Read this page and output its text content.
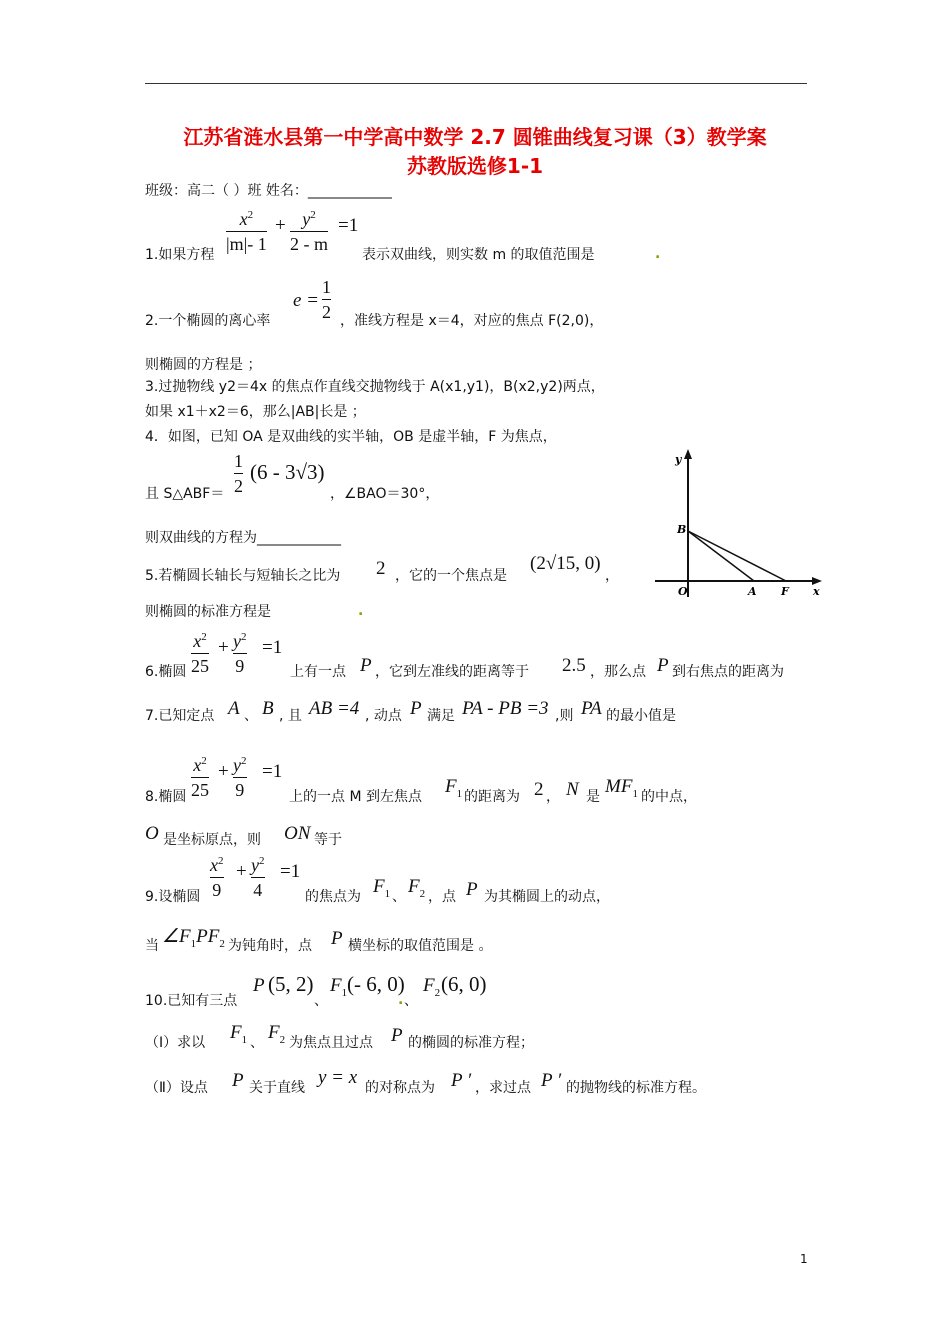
江苏省涟水县第一中学高中数学 2.7 圆锥曲线复习课（3）教学案
苏教版选修1-1
班级：高二（ ）班 姓名：____________
1.如果方程
$x^2$
|m|- 1
+ $y^2$
2 - m
=1
表示双曲线，则实数 m 的取值范围是	.
2.一个椭圆的离心率
e =
1
2 ，准线方程是 x＝4，对应的焦点 F(2,0)，
则椭圆的方程是 ；
3.过抛物线 y2＝4x 的焦点作直线交抛物线于 A(x1,y1)，B(x2,y2)两点，
如果 x1＋x2＝6，那么|AB|长是 ；
4．如图，已知 OA 是双曲线的实半轴，OB 是虚半轴，F 为焦点，
且 S△ABF＝
1
2
(6 - 3√3)
，∠BAO＝30°，
则双曲线的方程为____________
y
x
O	A
B
F
5.若椭圆长轴长与短轴长之比为 2 ，它的一个焦点是
(2√15, 0)
，
则椭圆的标准方程是	.
6.椭圆
$x^2$
25
+ $y^2$
9
=1
上有一点 P ，它到左准线的距离等于 2.5 ，那么点 P 到右焦点的距离为
7.已知定点 A 、 B , 且 AB =4 , 动点 P 满足 PA - PB =3 ,则 PA 的最小值是
8.椭圆
$x^2$
25
+ $y^2$
9
=1
上的一点 M 到左焦点 $F_1$ 的距离为 2 ， N 是 $MF_1$ 的中点，
O 是坐标原点，则 ON 等于
9.设椭圆
$x^2$
9
+ $y^2$
4
=1
的焦点为 $F_1$ 、 $F_2$ ，点 P 为其椭圆上的动点，
当 $\angle F_1PF_2$ 为钝角时，点 P 横坐标的取值范围是 。
10.已知有三点
P (5, 2)
、
$F_1$ (- 6, 0)
. 、
$F_2$ (6, 0)
（Ⅰ）求以 $F_1$ 、 $F_2$ 为焦点且过点 P 的椭圆的标准方程；
（Ⅱ）设点 P 关于直线 y = x 的对称点为 P ′ ，求过点 P ′ 的抛物线的标准方程。
1
